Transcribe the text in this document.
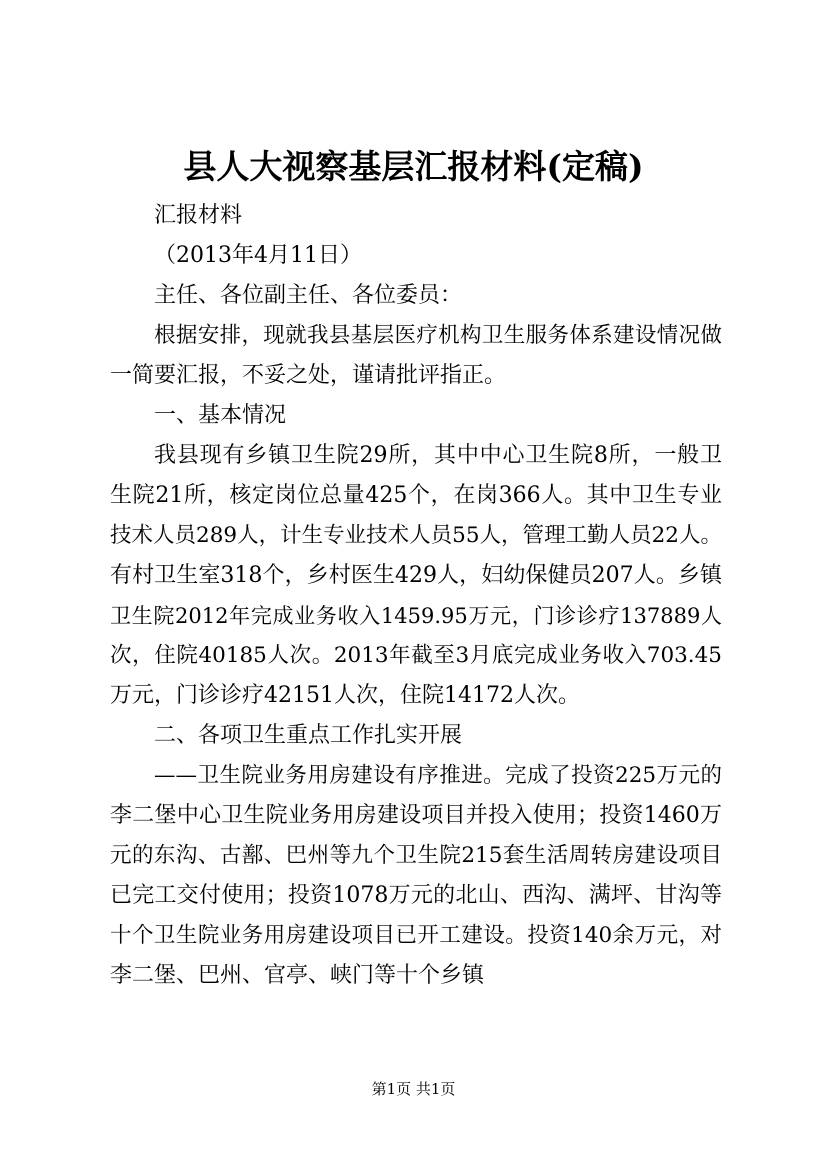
县人大视察基层汇报材料(定稿)
汇报材料
（2013年4月11日）
主任、各位副主任、各位委员：
根据安排，现就我县基层医疗机构卫生服务体系建设情况做
一简要汇报，不妥之处，谨请批评指正。
一、基本情况
我县现有乡镇卫生院29所，其中中心卫生院8所，一般卫
生院21所，核定岗位总量425个，在岗366人。其中卫生专业
技术人员289人，计生专业技术人员55人，管理工勤人员22人。
有村卫生室318个，乡村医生429人，妇幼保健员207人。乡镇
卫生院2012年完成业务收入1459.95万元，门诊诊疗137889人
次，住院40185人次。2013年截至3月底完成业务收入703.45
万元，门诊诊疗42151人次，住院14172人次。
二、各项卫生重点工作扎实开展
——卫生院业务用房建设有序推进。完成了投资225万元的
李二堡中心卫生院业务用房建设项目并投入使用；投资1460万
元的东沟、古鄯、巴州等九个卫生院215套生活周转房建设项目
已完工交付使用；投资1078万元的北山、西沟、满坪、甘沟等
十个卫生院业务用房建设项目已开工建设。投资140余万元，对
李二堡、巴州、官亭、峡门等十个乡镇
第1页 共1页
